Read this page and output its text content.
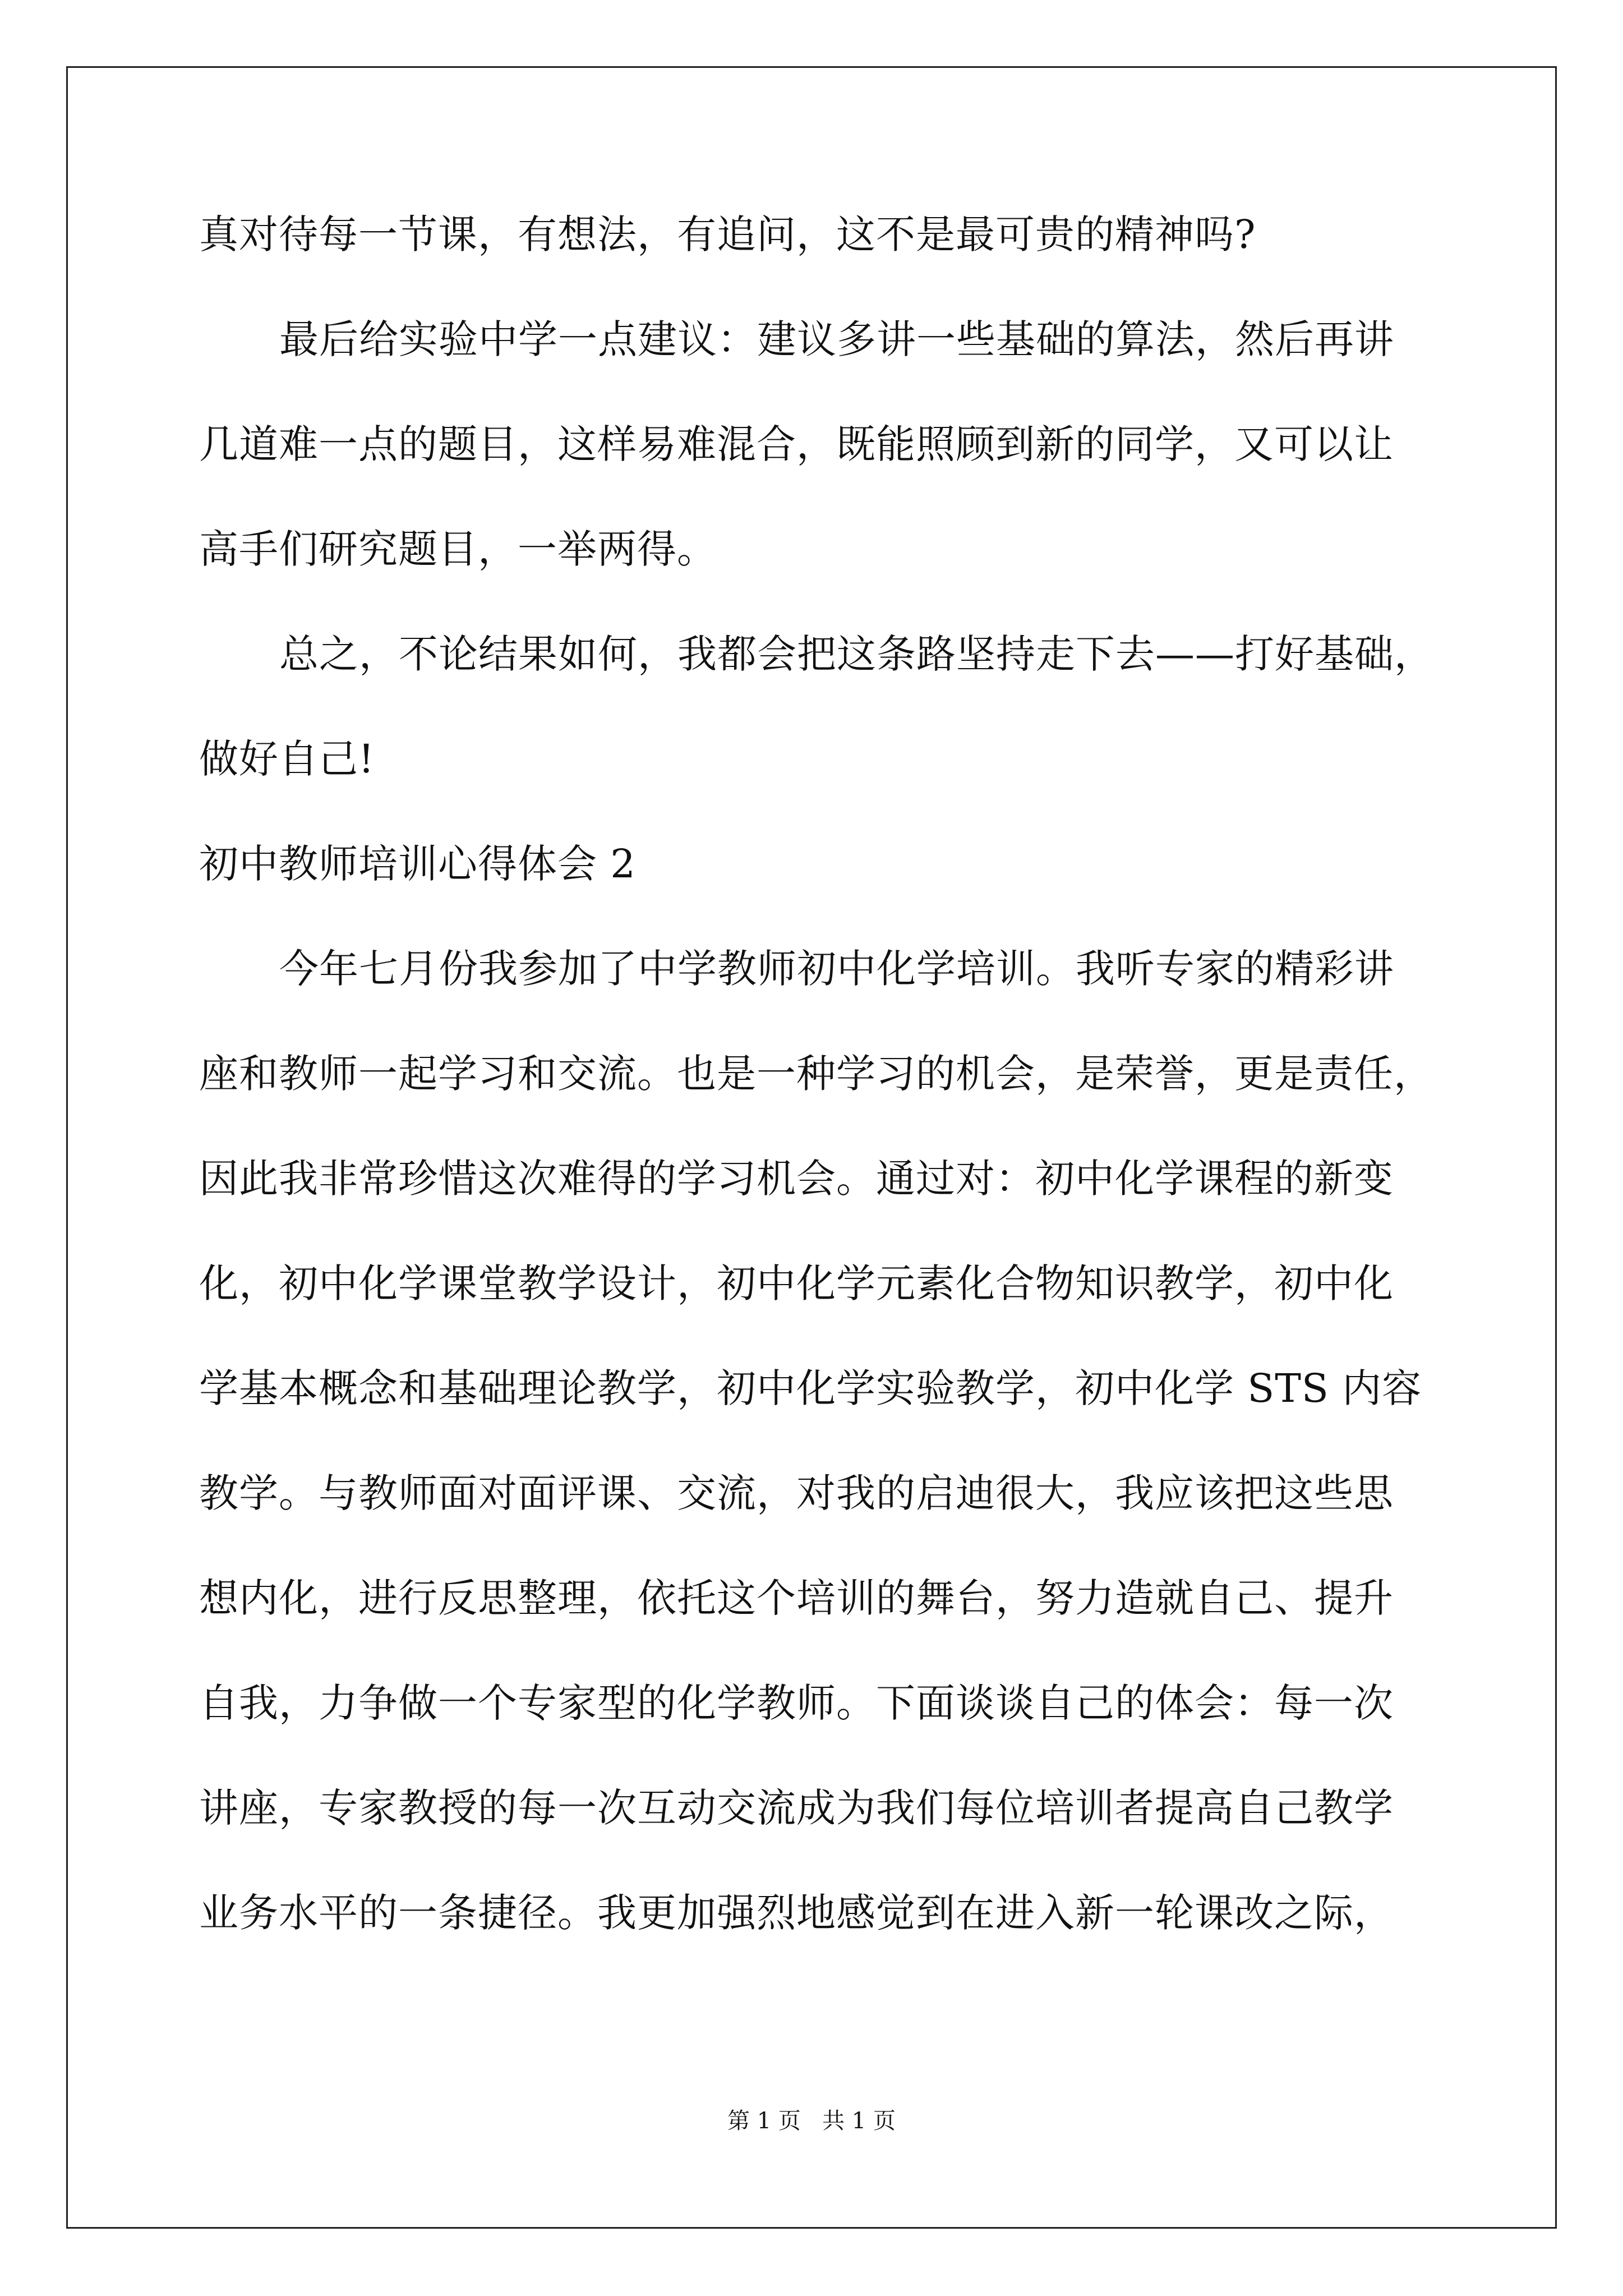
真对待每一节课，有想法，有追问，这不是最可贵的精神吗?
最后给实验中学一点建议：建议多讲一些基础的算法，然后再讲
几道难一点的题目，这样易难混合，既能照顾到新的同学，又可以让
高手们研究题目，一举两得。
总之，不论结果如何，我都会把这条路坚持走下去——打好基础，
做好自己!
初中教师培训心得体会 2
今年七月份我参加了中学教师初中化学培训。我听专家的精彩讲
座和教师一起学习和交流。也是一种学习的机会，是荣誉，更是责任，
因此我非常珍惜这次难得的学习机会。通过对：初中化学课程的新变
化，初中化学课堂教学设计，初中化学元素化合物知识教学，初中化
学基本概念和基础理论教学，初中化学实验教学，初中化学 STS 内容
教学。与教师面对面评课、交流，对我的启迪很大，我应该把这些思
想内化，进行反思整理，依托这个培训的舞台，努力造就自己、提升
自我，力争做一个专家型的化学教师。下面谈谈自己的体会：每一次
讲座，专家教授的每一次互动交流成为我们每位培训者提高自己教学
业务水平的一条捷径。我更加强烈地感觉到在进入新一轮课改之际，
第 1 页   共 1 页
